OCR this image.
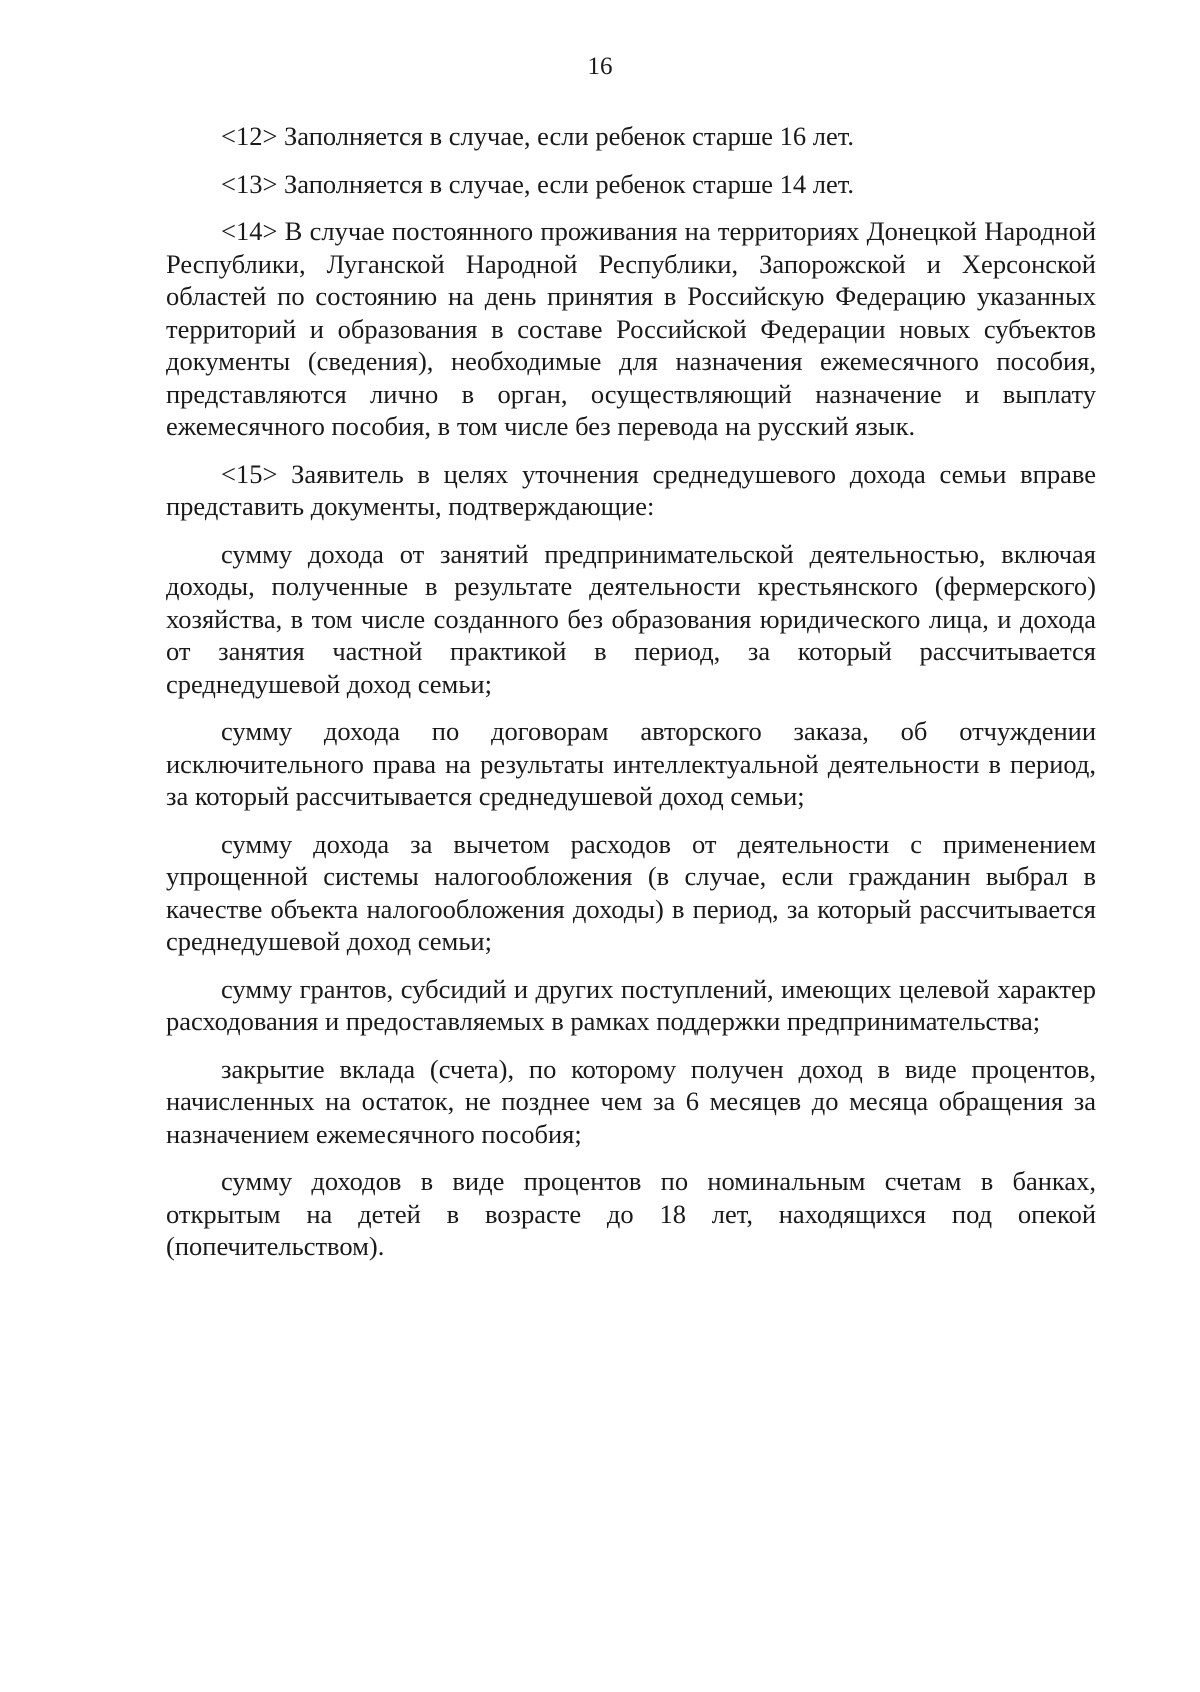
16

<12> Заполняется в случае, если ребенок старше 16 лет.

<13> Заполняется в случае, если ребенок старше 14 лет.

<14> В случае постоянного проживания на территориях Донецкой Народной Республики, Луганской Народной Республики, Запорожской и Херсонской областей по состоянию на день принятия в Российскую Федерацию указанных территорий и образования в составе Российской Федерации новых субъектов документы (сведения), необходимые для назначения ежемесячного пособия, представляются лично в орган, осуществляющий назначение и выплату ежемесячного пособия, в том числе без перевода на русский язык.

<15> Заявитель в целях уточнения среднедушевого дохода семьи вправе представить документы, подтверждающие:

сумму дохода от занятий предпринимательской деятельностью, включая доходы, полученные в результате деятельности крестьянского (фермерского) хозяйства, в том числе созданного без образования юридического лица, и дохода от занятия частной практикой в период, за который рассчитывается среднедушевой доход семьи;

сумму дохода по договорам авторского заказа, об отчуждении исключительного права на результаты интеллектуальной деятельности в период, за который рассчитывается среднедушевой доход семьи;

сумму дохода за вычетом расходов от деятельности с применением упрощенной системы налогообложения (в случае, если гражданин выбрал в качестве объекта налогообложения доходы) в период, за который рассчитывается среднедушевой доход семьи;

сумму грантов, субсидий и других поступлений, имеющих целевой характер расходования и предоставляемых в рамках поддержки предпринимательства;

закрытие вклада (счета), по которому получен доход в виде процентов, начисленных на остаток, не позднее чем за 6 месяцев до месяца обращения за назначением ежемесячного пособия;

сумму доходов в виде процентов по номинальным счетам в банках, открытым на детей в возрасте до 18 лет, находящихся под опекой (попечительством).
